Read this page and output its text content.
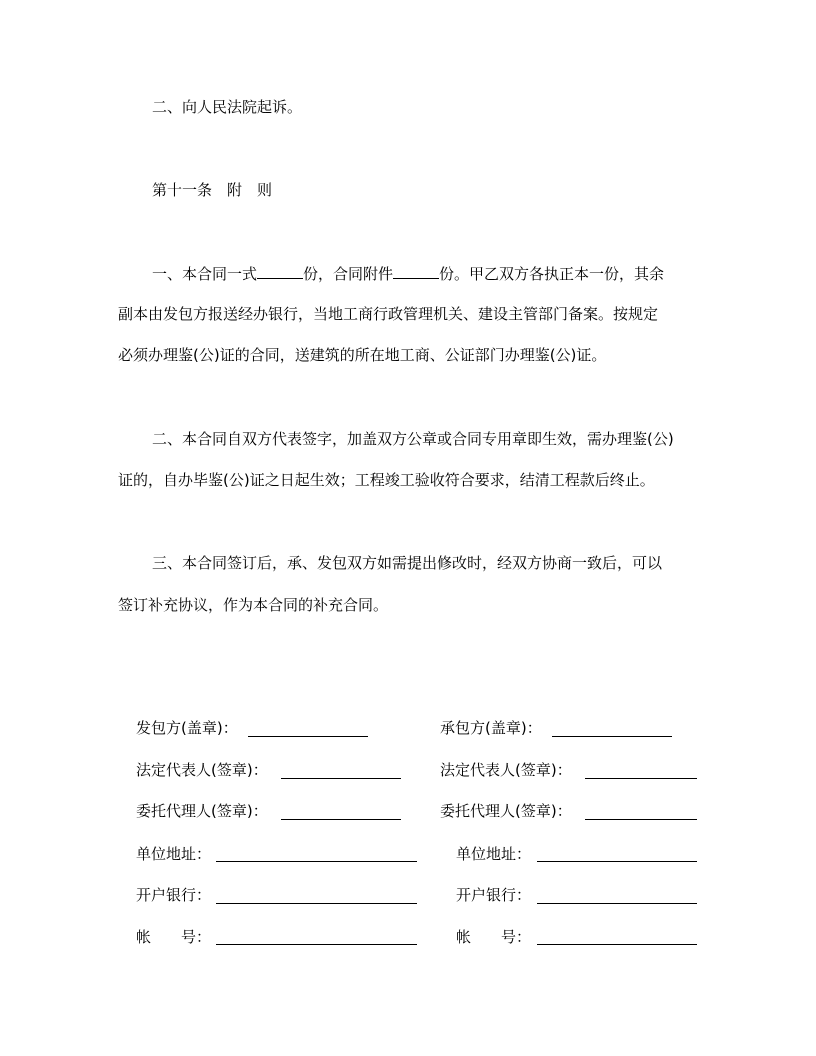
二、向人民法院起诉。
第十一条　附　则
一、本合同一式	份，合同附件	份。甲乙双方各执正本一份，其余
副本由发包方报送经办银行，当地工商行政管理机关、建设主管部门备案。按规定
必须办理鉴(公)证的合同，送建筑的所在地工商、公证部门办理鉴(公)证。
二、本合同自双方代表签字，加盖双方公章或合同专用章即生效，需办理鉴(公)
证的，自办毕鉴(公)证之日起生效；工程竣工验收符合要求，结清工程款后终止。
三、本合同签订后，承、发包双方如需提出修改时，经双方协商一致后，可以
签订补充协议，作为本合同的补充合同。
发包方(盖章)：
法定代表人(签章)：
委托代理人(签章)：
单位地址：
开户银行：
帐　　号：
承包方(盖章)：
法定代表人(签章)：
委托代理人(签章)：
单位地址：
开户银行：
帐　　号：
